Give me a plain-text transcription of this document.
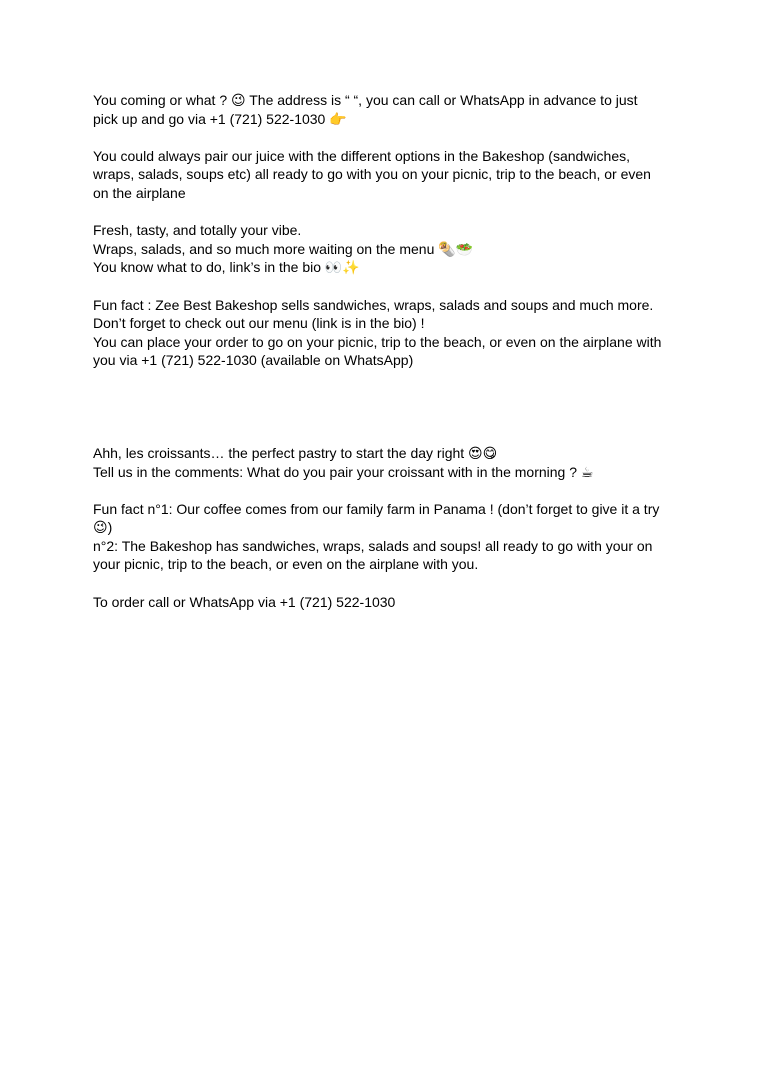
You coming or what ? 😉 The address is “ “, you can call or WhatsApp in advance to just
pick up and go via +1 (721) 522-1030 👉
You could always pair our juice with the different options in the Bakeshop (sandwiches,
wraps, salads, soups etc) all ready to go with you on your picnic, trip to the beach, or even
on the airplane
Fresh, tasty, and totally your vibe.
Wraps, salads, and so much more waiting on the menu 🌯🥗
You know what to do, link’s in the bio 👀✨
Fun fact : Zee Best Bakeshop sells sandwiches, wraps, salads and soups and much more.
Don’t forget to check out our menu (link is in the bio) !
You can place your order to go on your picnic, trip to the beach, or even on the airplane with
you via +1 (721) 522-1030 (available on WhatsApp)
Ahh, les croissants… the perfect pastry to start the day right 😍😋
Tell us in the comments: What do you pair your croissant with in the morning ? ☕
Fun fact n°1: Our coffee comes from our family farm in Panama ! (don’t forget to give it a try
😉)
n°2: The Bakeshop has sandwiches, wraps, salads and soups! all ready to go with your on
your picnic, trip to the beach, or even on the airplane with you.
To order call or WhatsApp via +1 (721) 522-1030
